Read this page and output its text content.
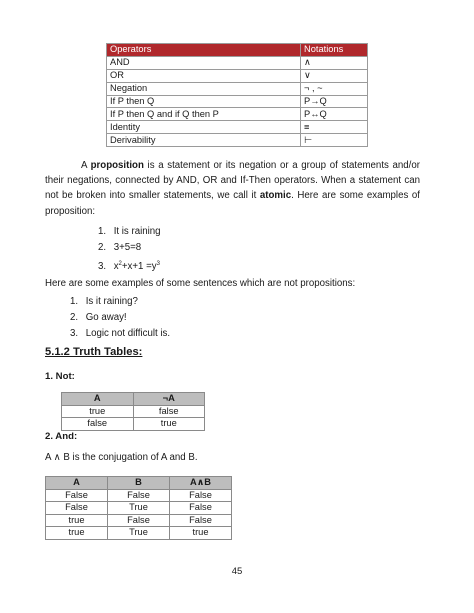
Operators	Notations
AND	∧
OR	∨
Negation	¬ , ~
If P then Q	P→Q
If P then Q and if Q then P	P↔Q
Identity	≡
Derivability	⊢

A proposition is a statement or its negation or a group of statements and/or their negations, connected by AND, OR and If-Then operators. When a statement can not be broken into smaller statements, we call it atomic. Here are some examples of proposition:

1. It is raining
2. 3+5=8
3. $x^2+x+1 =y^3$

Here are some examples of some sentences which are not propositions:

1. Is it raining?
2. Go away!
3. Logic not difficult is.
5.1.2 Truth Tables:
1. Not:
A	¬A
true	false
false	true
2. And:
A ∧ B is the conjugation of A and B.
A	B	A∧B
False	False	False
False	True	False
true	False	False
true	True	true
45
